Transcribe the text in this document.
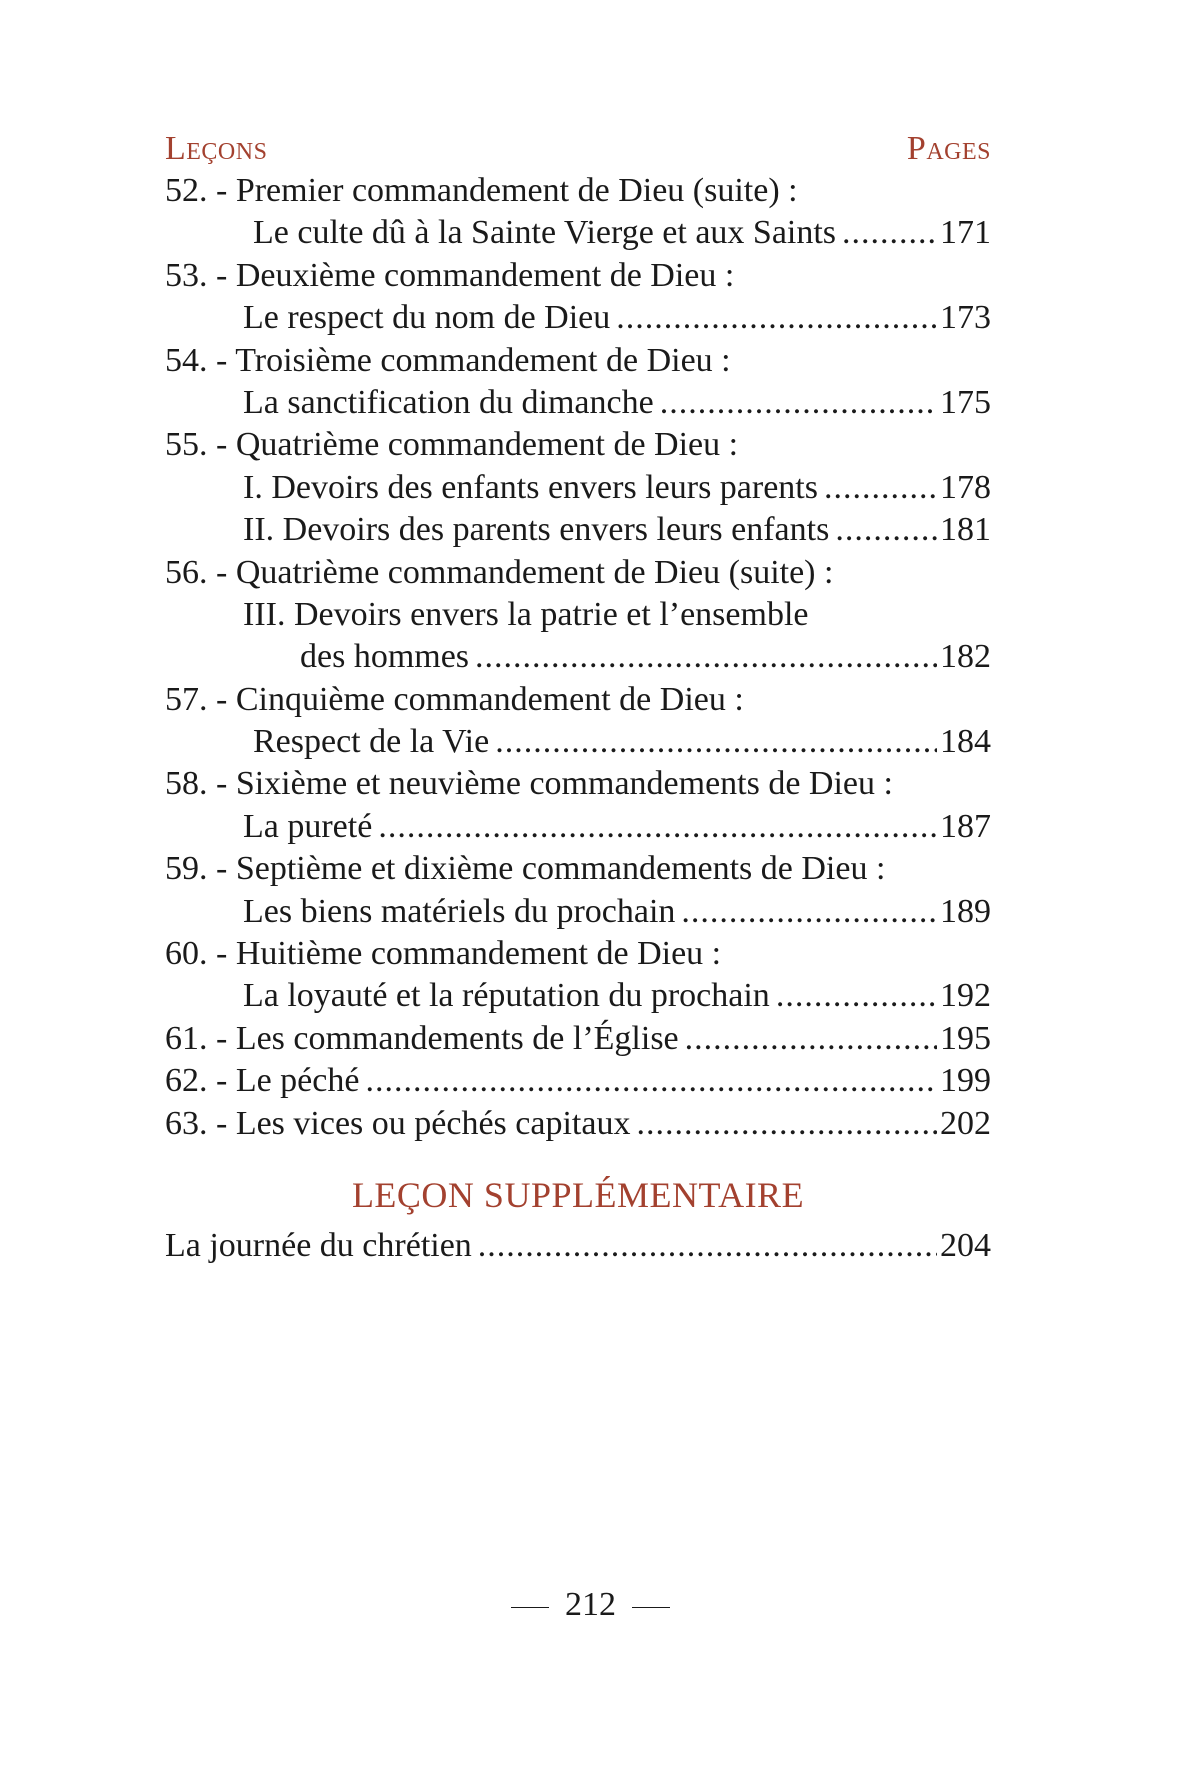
Leçons	Pages
52. - Premier commandement de Dieu (suite) :
Le culte dû à la Sainte Vierge et aux Saints .....	171
53. - Deuxième commandement de Dieu :
Le respect du nom de Dieu .....	173
54. - Troisième commandement de Dieu :
La sanctification du dimanche .....	175
55. - Quatrième commandement de Dieu :
I. Devoirs des enfants envers leurs parents .....	178
II. Devoirs des parents envers leurs enfants .....	181
56. - Quatrième commandement de Dieu (suite) :
III. Devoirs envers la patrie et l’ensemble
des hommes .....	182
57. - Cinquième commandement de Dieu :
Respect de la Vie .....	184
58. - Sixième et neuvième commandements de Dieu :
La pureté .....	187
59. - Septième et dixième commandements de Dieu :
Les biens matériels du prochain .....	189
60. - Huitième commandement de Dieu :
La loyauté et la réputation du prochain .....	192
61. - Les commandements de l’Église .....	195
62. - Le péché .....	199
63. - Les vices ou péchés capitaux .....	202
LEÇON SUPPLÉMENTAIRE
La journée du chrétien .....	204
212
